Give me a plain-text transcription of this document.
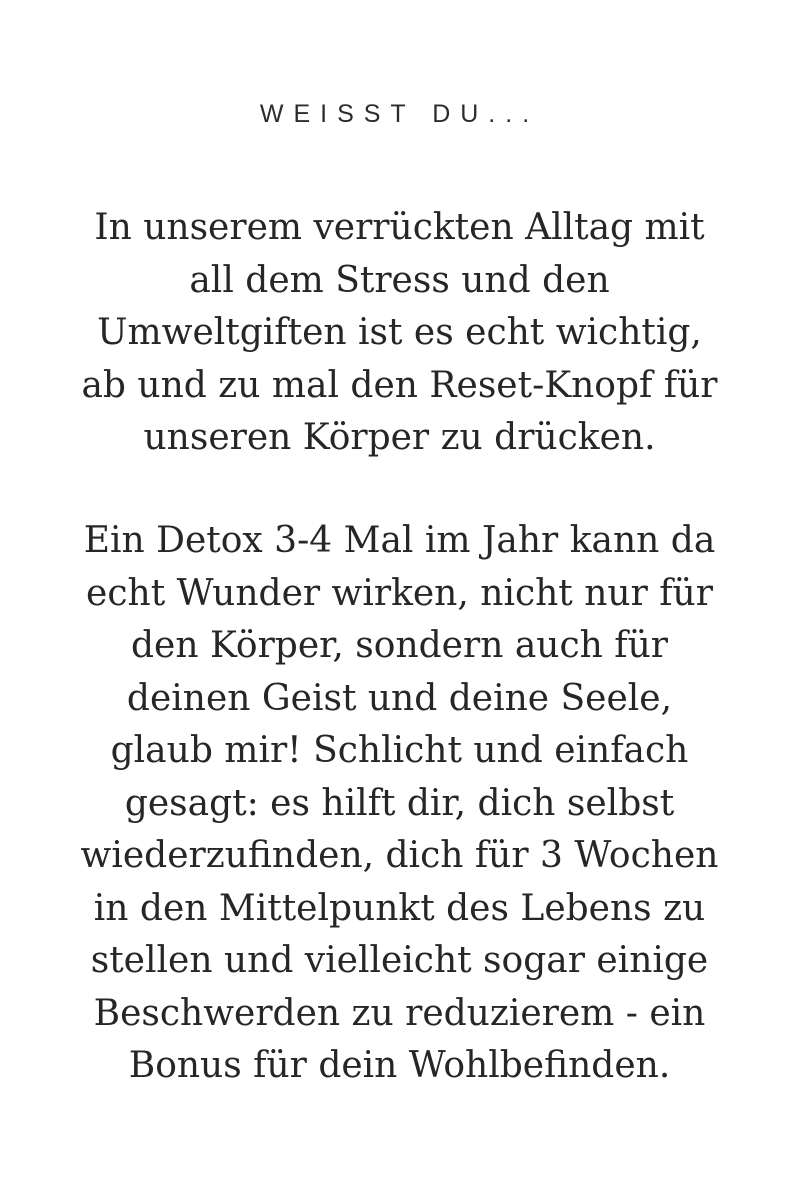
WEISST DU...
In unserem verrückten Alltag mit
all dem Stress und den
Umweltgiften ist es echt wichtig,
ab und zu mal den Reset-Knopf für
unseren Körper zu drücken.
Ein Detox 3-4 Mal im Jahr kann da
echt Wunder wirken, nicht nur für
den Körper, sondern auch für
deinen Geist und deine Seele,
glaub mir! Schlicht und einfach
gesagt: es hilft dir, dich selbst
wiederzufinden, dich für 3 Wochen
in den Mittelpunkt des Lebens zu
stellen und vielleicht sogar einige
Beschwerden zu reduzierem - ein
Bonus für dein Wohlbefinden.
